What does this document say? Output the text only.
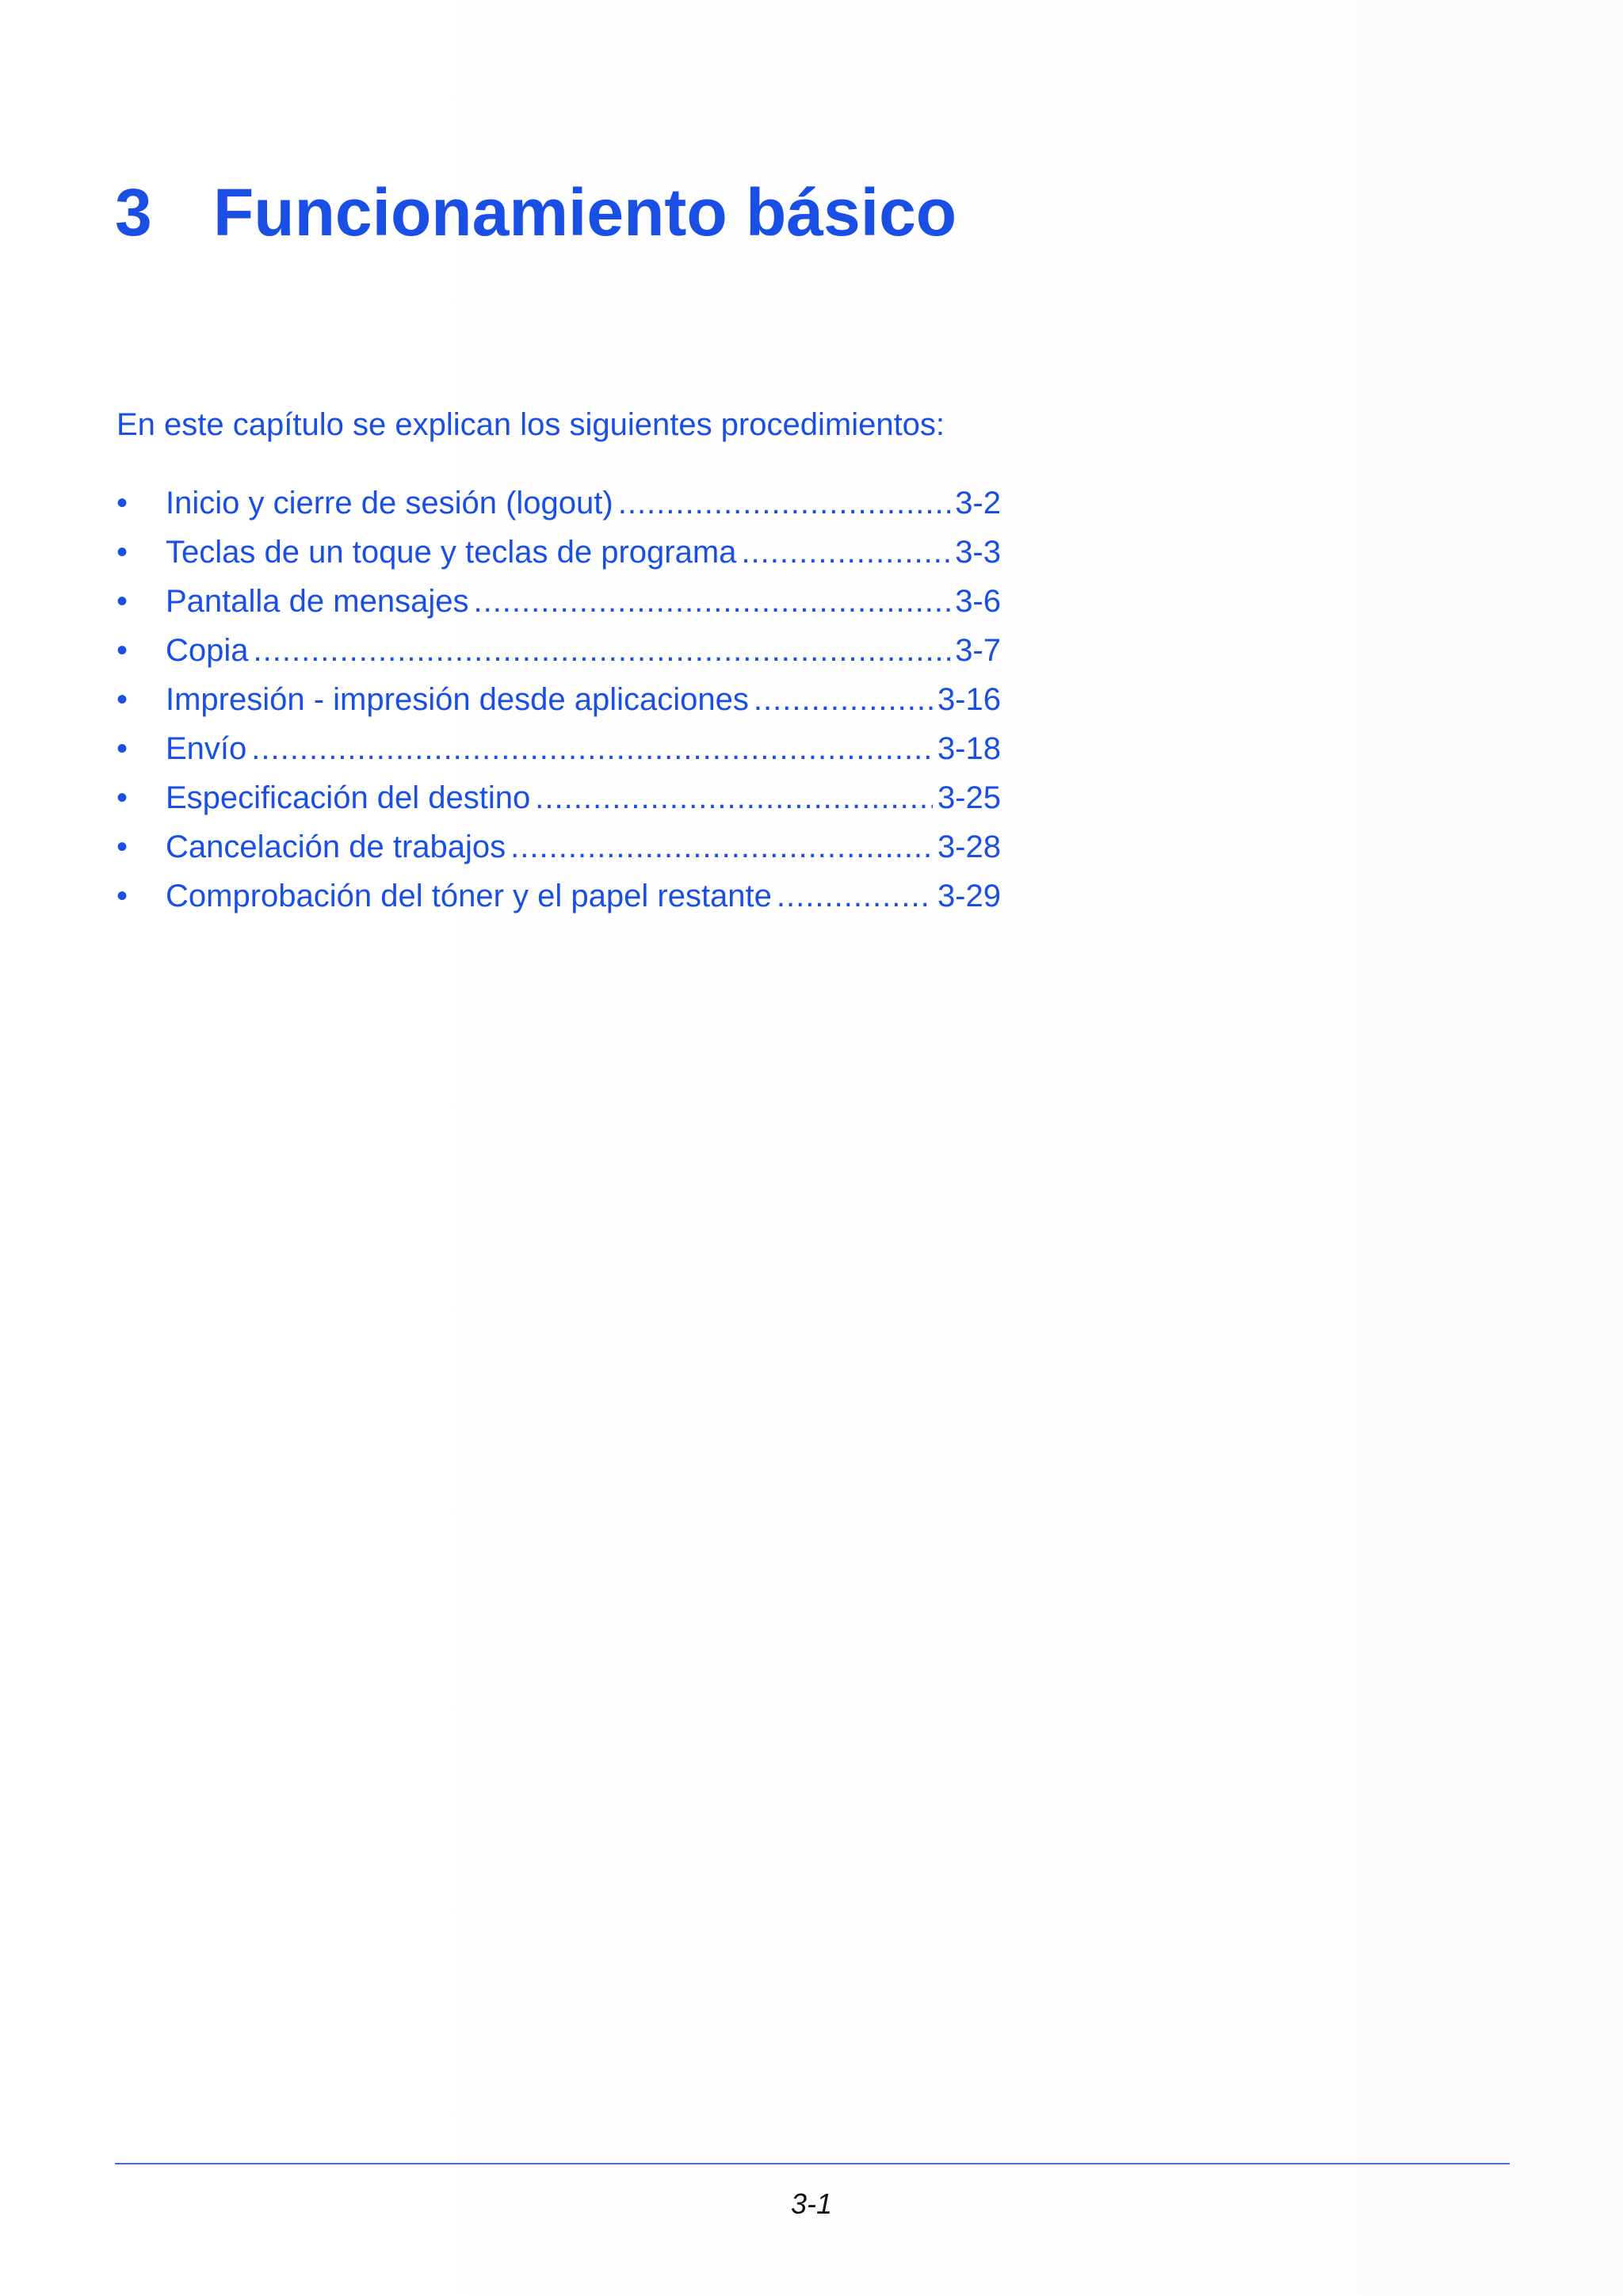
3 Funcionamiento básico

En este capítulo se explican los siguientes procedimientos:

•	Inicio y cierre de sesión (logout) .....	3-2
•	Teclas de un toque y teclas de programa .....	3-3
•	Pantalla de mensajes .....	3-6
•	Copia .....	3-7
•	Impresión - impresión desde aplicaciones .....	3-16
•	Envío .....	3-18
•	Especificación del destino .....	3-25
•	Cancelación de trabajos .....	3-28
•	Comprobación del tóner y el papel restante .....	3-29
3-1
